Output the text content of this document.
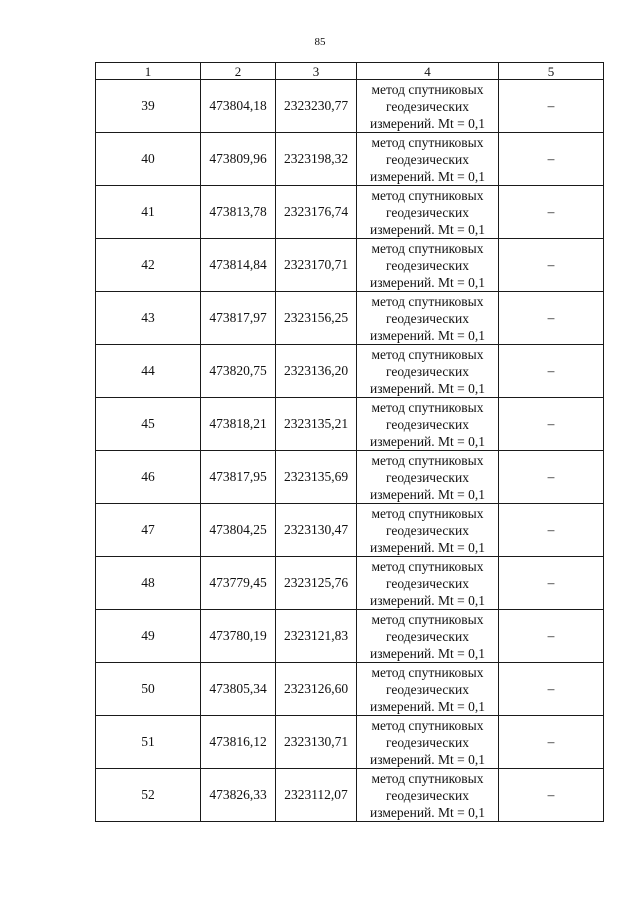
85
1	2	3	4	5
39	473804,18	2323230,77	метод спутниковых
геодезических
измерений. Mt = 0,1	–
40	473809,96	2323198,32	метод спутниковых
геодезических
измерений. Mt = 0,1	–
41	473813,78	2323176,74	метод спутниковых
геодезических
измерений. Mt = 0,1	–
42	473814,84	2323170,71	метод спутниковых
геодезических
измерений. Mt = 0,1	–
43	473817,97	2323156,25	метод спутниковых
геодезических
измерений. Mt = 0,1	–
44	473820,75	2323136,20	метод спутниковых
геодезических
измерений. Mt = 0,1	–
45	473818,21	2323135,21	метод спутниковых
геодезических
измерений. Mt = 0,1	–
46	473817,95	2323135,69	метод спутниковых
геодезических
измерений. Mt = 0,1	–
47	473804,25	2323130,47	метод спутниковых
геодезических
измерений. Mt = 0,1	–
48	473779,45	2323125,76	метод спутниковых
геодезических
измерений. Mt = 0,1	–
49	473780,19	2323121,83	метод спутниковых
геодезических
измерений. Mt = 0,1	–
50	473805,34	2323126,60	метод спутниковых
геодезических
измерений. Mt = 0,1	–
51	473816,12	2323130,71	метод спутниковых
геодезических
измерений. Mt = 0,1	–
52	473826,33	2323112,07	метод спутниковых
геодезических
измерений. Mt = 0,1	–
